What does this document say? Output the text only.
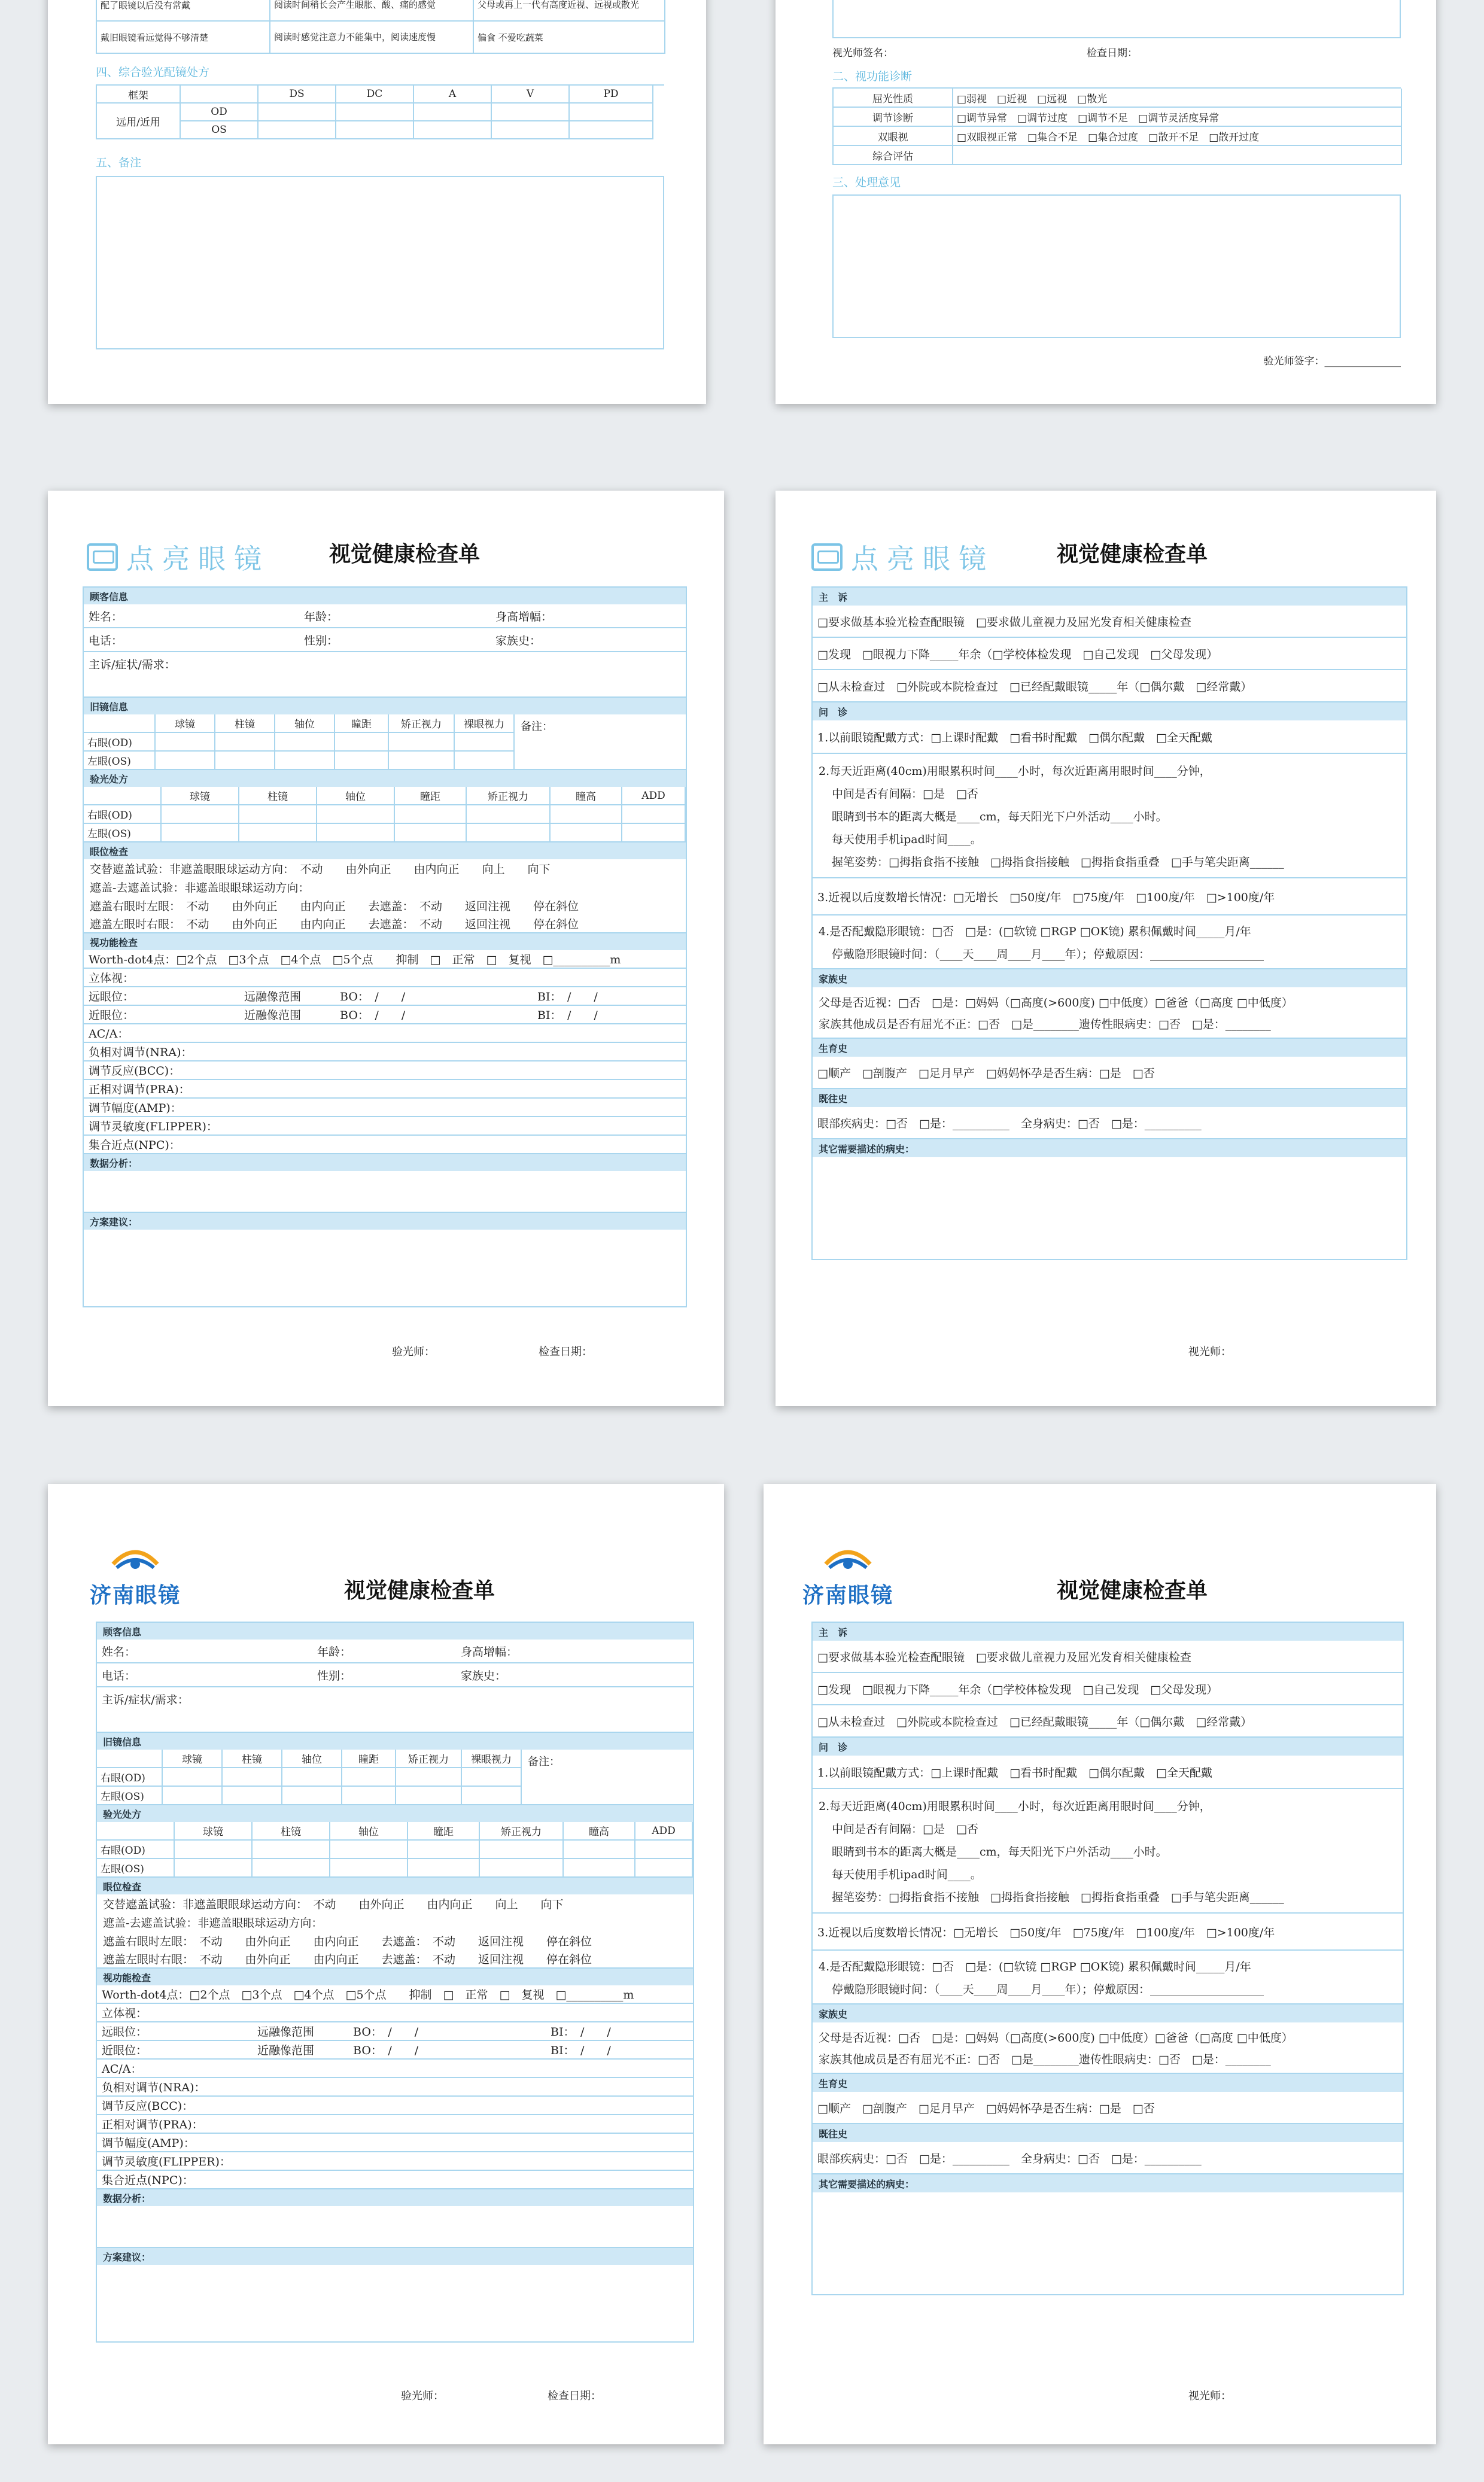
配了眼镜以后没有常戴	阅读时间稍长会产生眼胀、酸、痛的感觉	父母或再上一代有高度近视、远视或散光
戴旧眼镜看远觉得不够清楚	阅读时感觉注意力不能集中，阅读速度慢	偏食 不爱吃蔬菜
四、综合验光配镜处方
框架	DS	DC	A	V	PD
远用/近用
OD
OS
五、备注
视光师签名：	检查日期：
二、视功能诊断
屈光性质	□弱视　□近视　□远视　□散光
调节诊断	□调节异常　□调节过度　□调节不足　□调节灵活度异常
双眼视	□双眼视正常　□集合不足　□集合过度　□散开不足　□散开过度
综合评估
三、处理意见
验光师签字：_______________
点亮眼镜	视觉健康检查单
顾客信息
姓名：	年龄：	身高增幅：
电话：	性别：	家族史：
主诉/症状/需求：
旧镜信息
球镜	柱镜	轴位	瞳距	矫正视力	裸眼视力
右眼(OD)
左眼(OS)
备注：
验光处方
球镜	柱镜	轴位	瞳距	矫正视力	瞳高	ADD
右眼(OD)
左眼(OS)
眼位检查
交替遮盖试验：非遮盖眼眼球运动方向：　不动　　由外向正　　由内向正　　向上　　向下
遮盖-去遮盖试验：非遮盖眼眼球运动方向：
遮盖右眼时左眼：　不动　　由外向正　　由内向正　　去遮盖：　不动　　返回注视　　停在斜位
遮盖左眼时右眼：　不动　　由外向正　　由内向正　　去遮盖：　不动　　返回注视　　停在斜位
视功能检查
Worth-dot4点：□2个点　□3个点　□4个点　□5个点　　抑制　□　正常　□　复视　□__________m
立体视：
远眼位：	远融像范围	BO：　/　　/	BI：　/　　/
近眼位：	近融像范围	BO：　/　　/	BI：　/　　/
AC/A：
负相对调节(NRA)：
调节反应(BCC)：
正相对调节(PRA)：
调节幅度(AMP)：
调节灵敏度(FLIPPER)：
集合近点(NPC)：
数据分析：
方案建议：
验光师：	检查日期：
点亮眼镜	视觉健康检查单
主　诉
□要求做基本验光检查配眼镜　□要求做儿童视力及屈光发育相关健康检查
□发现　□眼视力下降_____年余（□学校体检发现　□自己发现　□父母发现）
□从未检查过　□外院或本院检查过　□已经配戴眼镜_____年（□偶尔戴　□经常戴）
问　诊
1.以前眼镜配戴方式：□上课时配戴　□看书时配戴　□偶尔配戴　□全天配戴
2.每天近距离(40cm)用眼累积时间____小时，每次近距离用眼时间____分钟，
中间是否有间隔：□是　□否
眼睛到书本的距离大概是____cm，每天阳光下户外活动____小时。
每天使用手机ipad时间____。
握笔姿势：□拇指食指不接触　□拇指食指接触　□拇指食指重叠　□手与笔尖距离______
3.近视以后度数增长情况：□无增长　□50度/年　□75度/年　□100度/年　□>100度/年
4.是否配戴隐形眼镜：□否　□是：(□软镜 □RGP □OK镜) 累积佩戴时间_____月/年
停戴隐形眼镜时间：（____天____周____月____年）；停戴原因：____________________
家族史
父母是否近视：□否　□是：□妈妈（□高度(>600度) □中低度）□爸爸（□高度 □中低度）
家族其他成员是否有屈光不正：□否　□是________遗传性眼病史：□否　□是：________
生育史
□顺产　□剖腹产　□足月早产　□妈妈怀孕是否生病：□是　□否
既往史
眼部疾病史：□否　□是：__________　全身病史：□否　□是：__________
其它需要描述的病史：
视光师：
济南眼镜	视觉健康检查单
顾客信息
姓名：	年龄：	身高增幅：
电话：	性别：	家族史：
主诉/症状/需求：
旧镜信息
球镜	柱镜	轴位	瞳距	矫正视力	裸眼视力
右眼(OD)
左眼(OS)
备注：
验光处方
球镜	柱镜	轴位	瞳距	矫正视力	瞳高	ADD
右眼(OD)
左眼(OS)
眼位检查
交替遮盖试验：非遮盖眼眼球运动方向：　不动　　由外向正　　由内向正　　向上　　向下
遮盖-去遮盖试验：非遮盖眼眼球运动方向：
遮盖右眼时左眼：　不动　　由外向正　　由内向正　　去遮盖：　不动　　返回注视　　停在斜位
遮盖左眼时右眼：　不动　　由外向正　　由内向正　　去遮盖：　不动　　返回注视　　停在斜位
视功能检查
Worth-dot4点：□2个点　□3个点　□4个点　□5个点　　抑制　□　正常　□　复视　□__________m
立体视：
远眼位：	远融像范围	BO：　/　　/	BI：　/　　/
近眼位：	近融像范围	BO：　/　　/	BI：　/　　/
AC/A：
负相对调节(NRA)：
调节反应(BCC)：
正相对调节(PRA)：
调节幅度(AMP)：
调节灵敏度(FLIPPER)：
集合近点(NPC)：
数据分析：
方案建议：
验光师：	检查日期：
济南眼镜	视觉健康检查单
主　诉
□要求做基本验光检查配眼镜　□要求做儿童视力及屈光发育相关健康检查
□发现　□眼视力下降_____年余（□学校体检发现　□自己发现　□父母发现）
□从未检查过　□外院或本院检查过　□已经配戴眼镜_____年（□偶尔戴　□经常戴）
问　诊
1.以前眼镜配戴方式：□上课时配戴　□看书时配戴　□偶尔配戴　□全天配戴
2.每天近距离(40cm)用眼累积时间____小时，每次近距离用眼时间____分钟，
中间是否有间隔：□是　□否
眼睛到书本的距离大概是____cm，每天阳光下户外活动____小时。
每天使用手机ipad时间____。
握笔姿势：□拇指食指不接触　□拇指食指接触　□拇指食指重叠　□手与笔尖距离______
3.近视以后度数增长情况：□无增长　□50度/年　□75度/年　□100度/年　□>100度/年
4.是否配戴隐形眼镜：□否　□是：(□软镜 □RGP □OK镜) 累积佩戴时间_____月/年
停戴隐形眼镜时间：（____天____周____月____年）；停戴原因：____________________
家族史
父母是否近视：□否　□是：□妈妈（□高度(>600度) □中低度）□爸爸（□高度 □中低度）
家族其他成员是否有屈光不正：□否　□是________遗传性眼病史：□否　□是：________
生育史
□顺产　□剖腹产　□足月早产　□妈妈怀孕是否生病：□是　□否
既往史
眼部疾病史：□否　□是：__________　全身病史：□否　□是：__________
其它需要描述的病史：
视光师：
